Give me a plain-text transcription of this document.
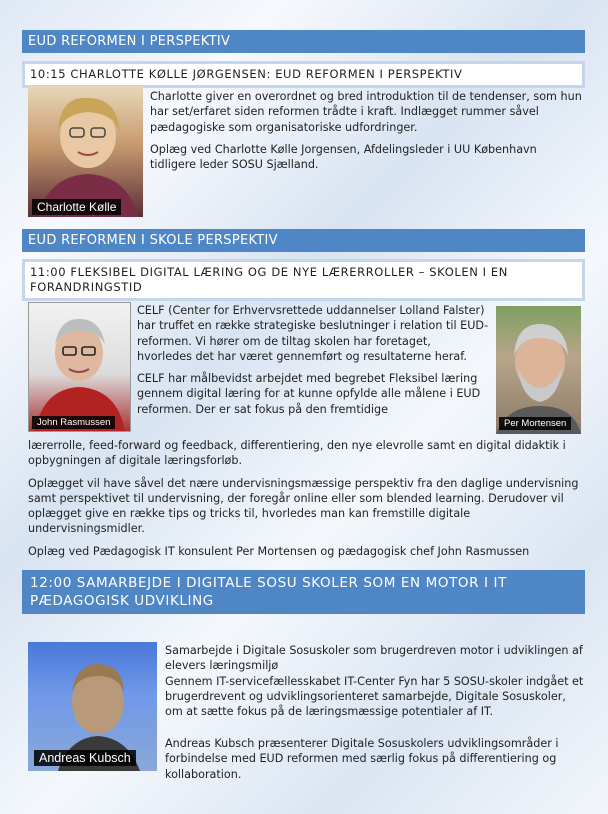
EUD REFORMEN I PERSPEKTIV
10:15 CHARLOTTE KØLLE JØRGENSEN: EUD REFORMEN I PERSPEKTIV
Charlotte Kølle

Charlotte giver en overordnet og bred introduktion til de tendenser, som hun har set/erfaret siden reformen trådte i kraft. Indlægget rummer såvel pædagogiske som organisatoriske udfordringer.

Oplæg ved Charlotte Kølle Jorgensen, Afdelingsleder i UU København tidligere leder SOSU Sjælland.

EUD REFORMEN I SKOLE PERSPEKTIV
11:00 FLEKSIBEL DIGITAL LÆRING OG DE NYE LÆRERROLLER – SKOLEN I EN FORANDRINGSTID
John Rasmussen	Per Mortensen

CELF (Center for Erhvervsrettede uddannelser Lolland Falster) har truffet en række strategiske beslutninger i relation til EUD-reformen. Vi hører om de tiltag skolen har foretaget, hvorledes det har været gennemført og resultaterne heraf.

CELF har målbevidst arbejdet med begrebet Fleksibel læring gennem digital læring for at kunne opfylde alle målene i EUD reformen. Der er sat fokus på den fremtidige

lærerrolle, feed-forward og feedback, differentiering, den nye elevrolle samt en digital didaktik i opbygningen af digitale læringsforløb.

Oplægget vil have såvel det nære undervisningsmæssige perspektiv fra den daglige undervisning samt perspektivet til undervisning, der foregår online eller som blended learning. Derudover vil oplægget give en række tips og tricks til, hvorledes man kan fremstille digitale undervisningsmidler.

Oplæg ved Pædagogisk IT konsulent Per Mortensen og pædagogisk chef John Rasmussen

12:00 SAMARBEJDE I DIGITALE SOSU SKOLER SOM EN MOTOR I IT PÆDAGOGISK UDVIKLING
Andreas Kubsch

Samarbejde i Digitale Sosuskoler som brugerdreven motor i udviklingen af elevers læringsmiljø

Gennem IT-servicefællesskabet IT-Center Fyn har 5 SOSU-skoler indgået et brugerdrevent og udviklingsorienteret samarbejde, Digitale Sosuskoler, om at sætte fokus på de læringsmæssige potentialer af IT.

Andreas Kubsch præsenterer Digitale Sosuskolers udviklingsområder i forbindelse med EUD reformen med særlig fokus på differentiering og kollaboration.
